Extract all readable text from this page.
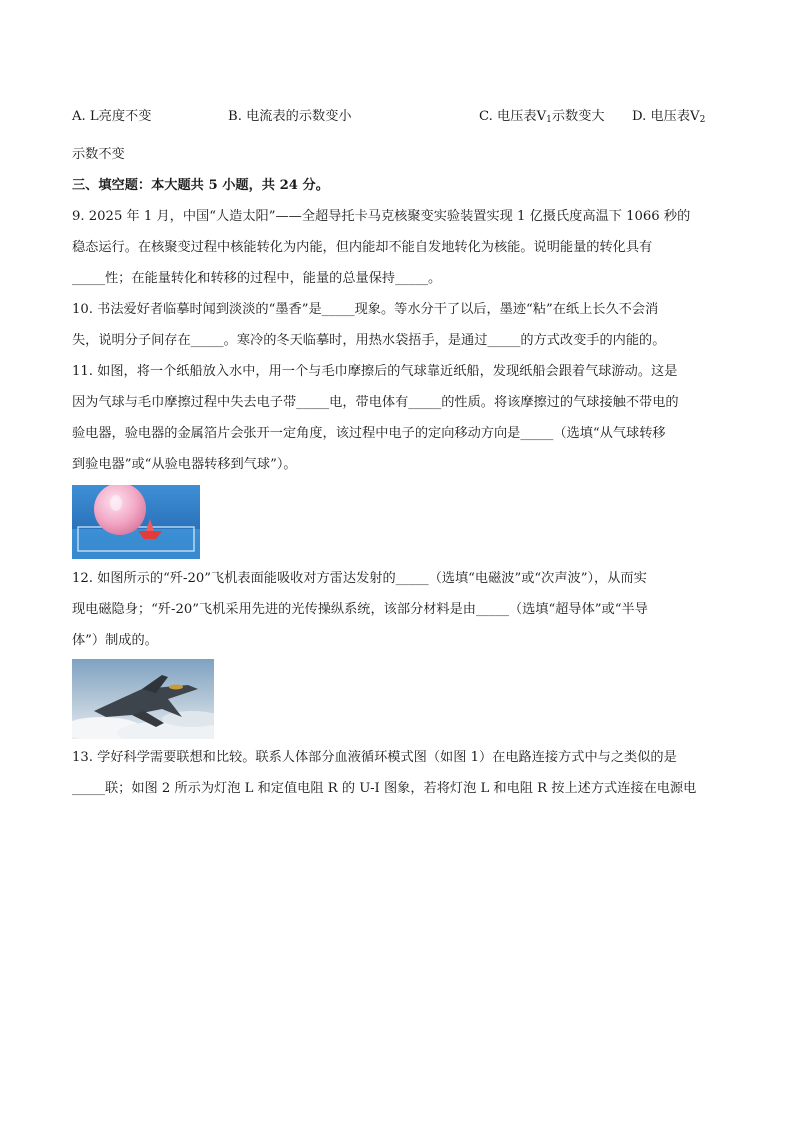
A. L亮度不变	B. 电流表的示数变小	C. 电压表$V_1$示数变大 D. 电压表$V_2$
示数不变
三、填空题：本大题共 5 小题，共 24 分。
9. 2025 年 1 月，中国“人造太阳”——全超导托卡马克核聚变实验装置实现 1 亿摄氏度高温下 1066 秒的
稳态运行。在核聚变过程中核能转化为内能，但内能却不能自发地转化为核能。说明能量的转化具有
_____性；在能量转化和转移的过程中，能量的总量保持_____。
10. 书法爱好者临摹时闻到淡淡的“墨香”是_____现象。等水分干了以后，墨迹“粘”在纸上长久不会消
失，说明分子间存在_____。寒冷的冬天临摹时，用热水袋捂手，是通过_____的方式改变手的内能的。
11. 如图，将一个纸船放入水中，用一个与毛巾摩擦后的气球靠近纸船，发现纸船会跟着气球游动。这是
因为气球与毛巾摩擦过程中失去电子带_____电，带电体有_____的性质。将该摩擦过的气球接触不带电的
验电器，验电器的金属箔片会张开一定角度，该过程中电子的定向移动方向是_____（选填“从气球转移
到验电器”或“从验电器转移到气球”）。
12. 如图所示的“歼-20”飞机表面能吸收对方雷达发射的_____（选填“电磁波”或“次声波”），从而实
现电磁隐身；“歼-20”飞机采用先进的光传操纵系统，该部分材料是由_____（选填“超导体”或“半导
体”）制成的。
13. 学好科学需要联想和比较。联系人体部分血液循环模式图（如图 1）在电路连接方式中与之类似的是
_____联；如图 2 所示为灯泡 L 和定值电阻 R 的 U-I 图象，若将灯泡 L 和电阻 R 按上述方式连接在电源电
